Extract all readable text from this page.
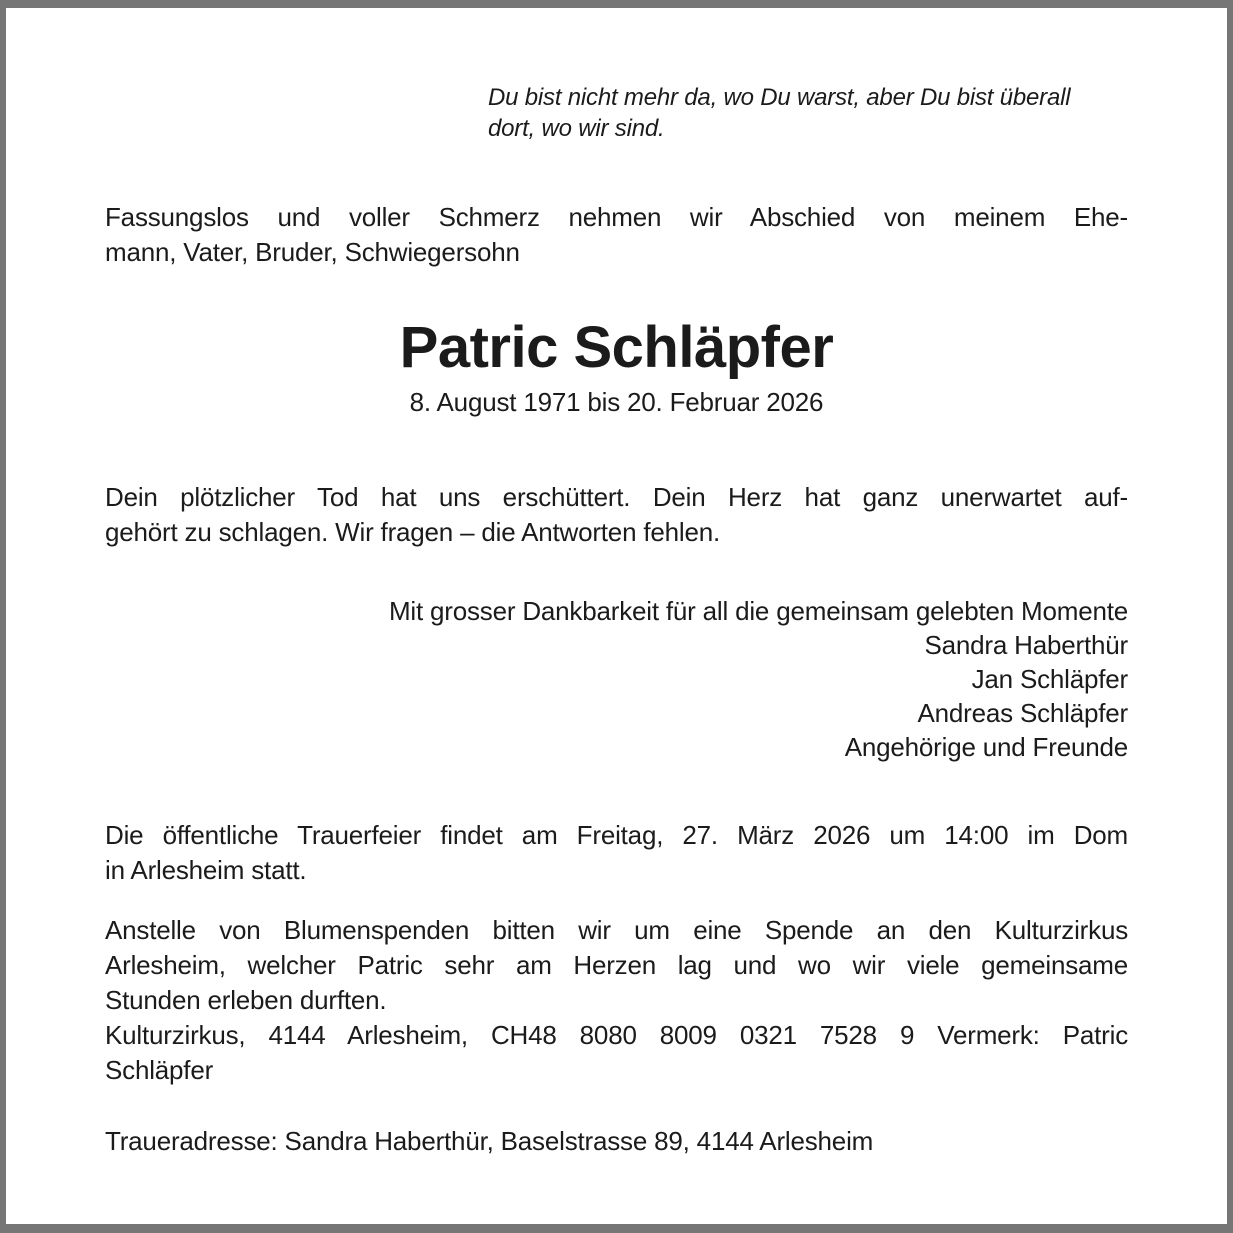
Du bist nicht mehr da, wo Du warst, aber Du bist überall
dort, wo wir sind.
Fassungslos und voller Schmerz nehmen wir Abschied von meinem Ehe-
mann, Vater, Bruder, Schwiegersohn
Patric Schläpfer
8. August 1971 bis 20. Februar 2026
Dein plötzlicher Tod hat uns erschüttert. Dein Herz hat ganz unerwartet auf-
gehört zu schlagen. Wir fragen – die Antworten fehlen.
Mit grosser Dankbarkeit für all die gemeinsam gelebten Momente
Sandra Haberthür
Jan Schläpfer
Andreas Schläpfer
Angehörige und Freunde
Die öffentliche Trauerfeier findet am Freitag, 27. März 2026 um 14:00 im Dom
in Arlesheim statt.
Anstelle von Blumenspenden bitten wir um eine Spende an den Kulturzirkus
Arlesheim, welcher Patric sehr am Herzen lag und wo wir viele gemeinsame
Stunden erleben durften.
Kulturzirkus, 4144 Arlesheim, CH48 8080 8009 0321 7528 9 Vermerk: Patric
Schläpfer
Traueradresse: Sandra Haberthür, Baselstrasse 89, 4144 Arlesheim
